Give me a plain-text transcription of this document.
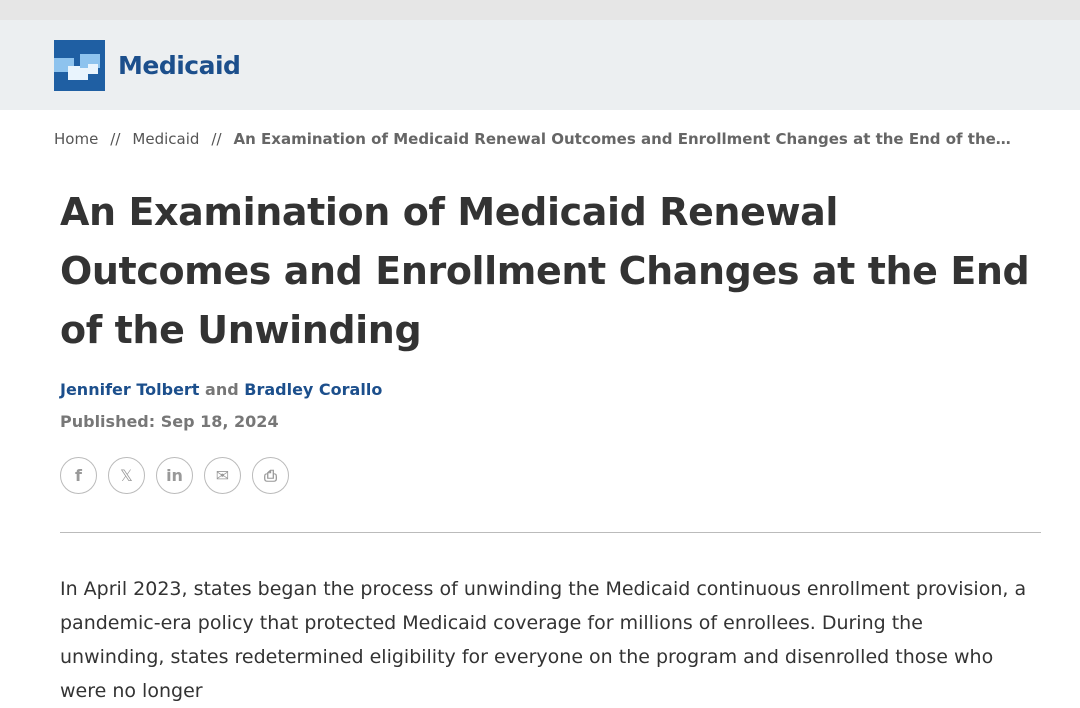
Medicaid
Home // Medicaid // An Examination of Medicaid Renewal Outcomes and Enrollment Changes at the End of the…
An Examination of Medicaid Renewal Outcomes and Enrollment Changes at the End of the Unwinding
Jennifer Tolbert and Bradley Corallo
Published: Sep 18, 2024
f	𝕏	in	✉	⎙

In April 2023, states began the process of unwinding the Medicaid continuous enrollment provision, a pandemic-era policy that protected Medicaid coverage for millions of enrollees. During the unwinding, states redetermined eligibility for everyone on the program and disenrolled those who were no longer
